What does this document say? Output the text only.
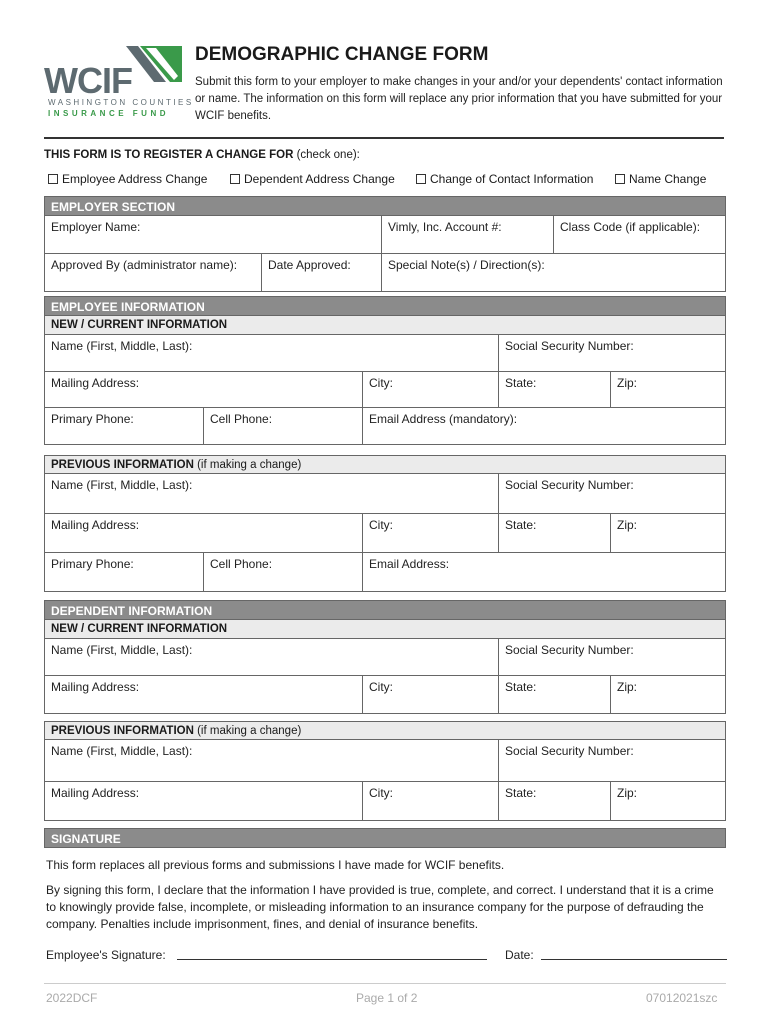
WCIF
WASHINGTON COUNTIES
INSURANCE FUND
DEMOGRAPHIC CHANGE FORM
Submit this form to your employer to make changes in your and/or your dependents' contact information or name. The information on this form will replace any prior information that you have submitted for your WCIF benefits.
THIS FORM IS TO REGISTER A CHANGE FOR (check one):
Employee Address Change	Dependent Address Change	Change of Contact Information	Name Change
EMPLOYER SECTION
Employer Name:	Vimly, Inc. Account #:	Class Code (if applicable):
Approved By (administrator name):	Date Approved:	Special Note(s) / Direction(s):
EMPLOYEE INFORMATION
NEW / CURRENT INFORMATION
Name (First, Middle, Last):	Social Security Number:
Mailing Address:	City:	State:	Zip:
Primary Phone:	Cell Phone:	Email Address (mandatory):
PREVIOUS INFORMATION (if making a change)
Name (First, Middle, Last):	Social Security Number:
Mailing Address:	City:	State:	Zip:
Primary Phone:	Cell Phone:	Email Address:
DEPENDENT INFORMATION
NEW / CURRENT INFORMATION
Name (First, Middle, Last):	Social Security Number:
Mailing Address:	City:	State:	Zip:
PREVIOUS INFORMATION (if making a change)
Name (First, Middle, Last):	Social Security Number:
Mailing Address:	City:	State:	Zip:
SIGNATURE
This form replaces all previous forms and submissions I have made for WCIF benefits.
By signing this form, I declare that the information I have provided is true, complete, and correct. I understand that it is a crime to knowingly provide false, incomplete, or misleading information to an insurance company for the purpose of defrauding the company. Penalties include imprisonment, fines, and denial of insurance benefits.
Employee's Signature:	Date:
2022DCF	Page 1 of 2	07012021szc
